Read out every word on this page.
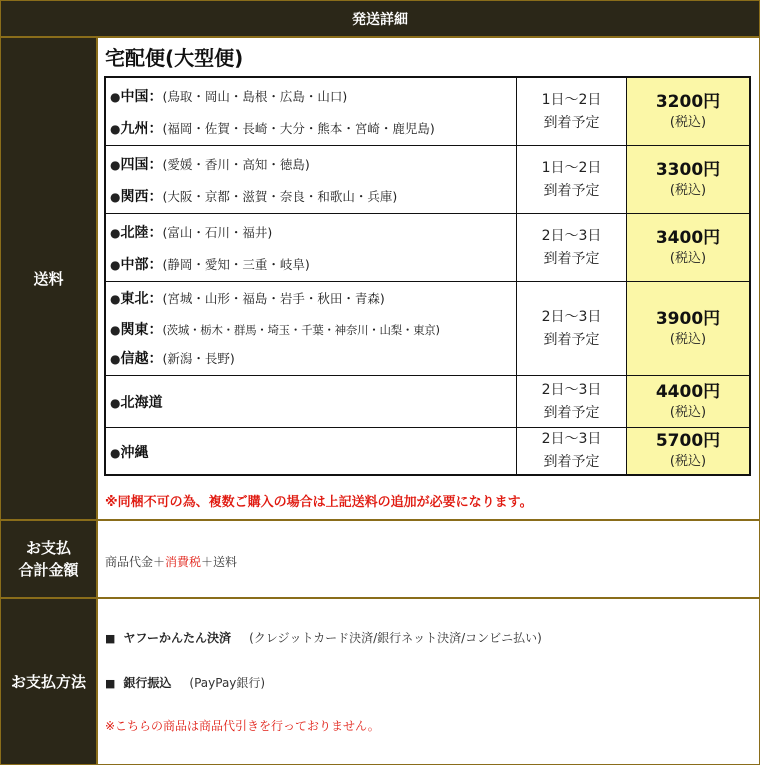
発送詳細
送料
宅配便(大型便)
●中国：(鳥取・岡山・島根・広島・山口)
●九州：(福岡・佐賀・長崎・大分・熊本・宮崎・鹿児島)
1日～2日
到着予定
3200円
(税込)
●四国：(愛媛・香川・高知・徳島)
●関西：(大阪・京都・滋賀・奈良・和歌山・兵庫)
1日～2日
到着予定
3300円
(税込)
●北陸：(富山・石川・福井)
●中部：(静岡・愛知・三重・岐阜)
2日～3日
到着予定
3400円
(税込)
●東北：(宮城・山形・福島・岩手・秋田・青森)
●関東：(茨城・栃木・群馬・埼玉・千葉・神奈川・山梨・東京)
●信越：(新潟・長野)
2日～3日
到着予定
3900円
(税込)
●北海道
2日～3日
到着予定
4400円
(税込)
●沖縄
2日～3日
到着予定
5700円
(税込)
※同梱不可の為、複数ご購入の場合は上記送料の追加が必要になります。
お支払
合計金額 商品代金＋消費税＋送料
お支払方法
■ ヤフーかんたん決済 (クレジットカード決済/銀行ネット決済/コンビニ払い)
■ 銀行振込 (PayPay銀行)
※こちらの商品は商品代引きを行っておりません。
